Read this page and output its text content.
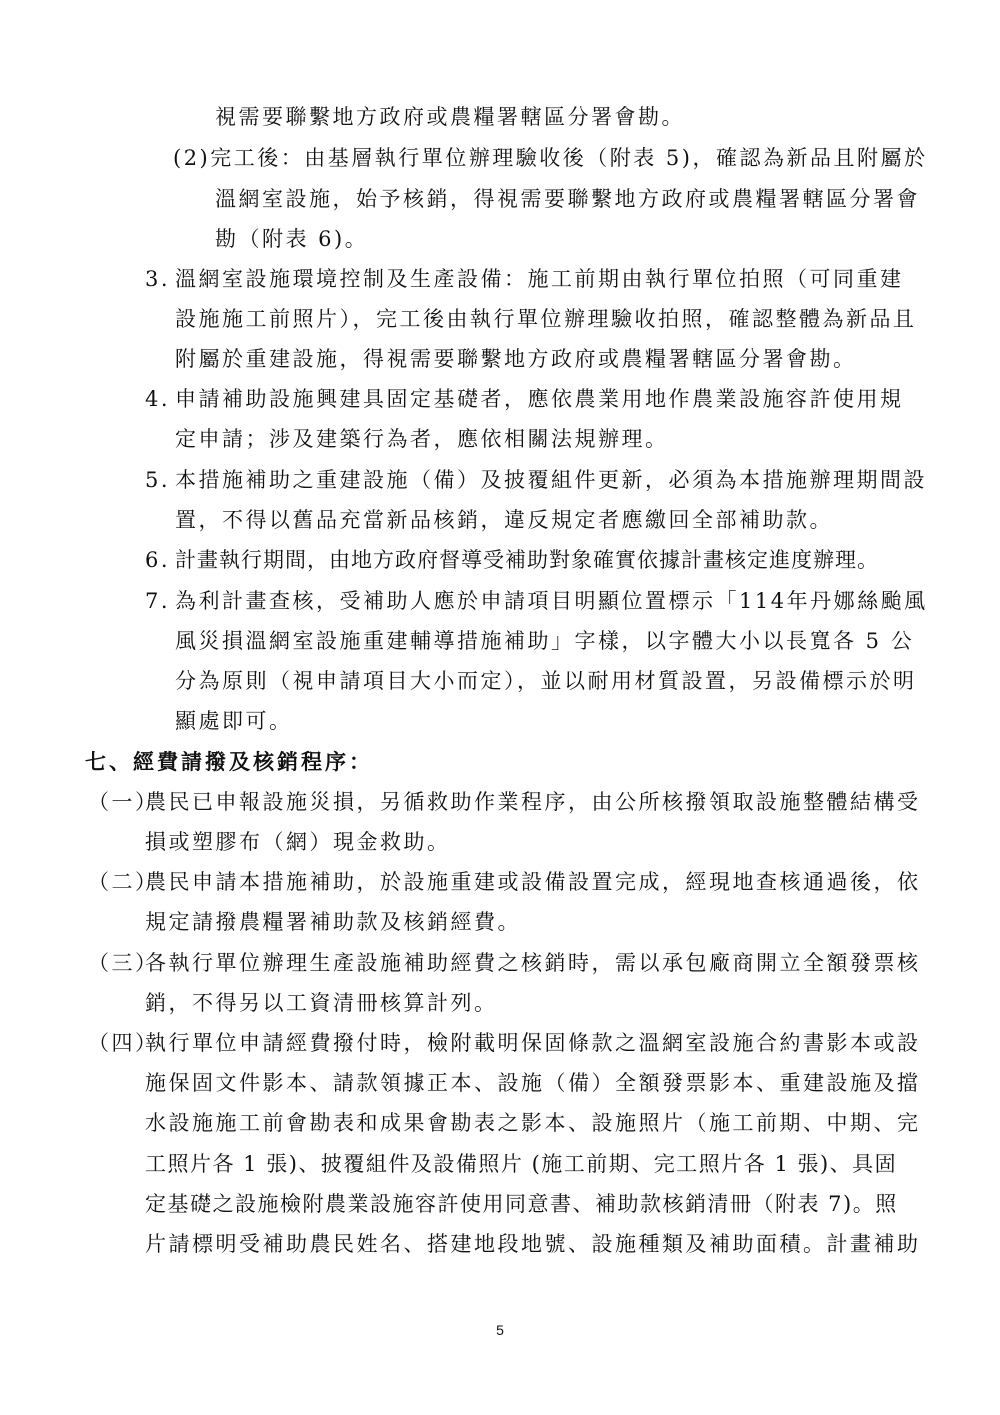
視需要聯繫地方政府或農糧署轄區分署會勘。
(2)完工後：由基層執行單位辦理驗收後（附表 5)，確認為新品且附屬於
溫網室設施，始予核銷，得視需要聯繫地方政府或農糧署轄區分署會
勘（附表 6)。
3. 溫網室設施環境控制及生產設備：施工前期由執行單位拍照（可同重建
設施施工前照片），完工後由執行單位辦理驗收拍照，確認整體為新品且
附屬於重建設施，得視需要聯繫地方政府或農糧署轄區分署會勘。
4. 申請補助設施興建具固定基礎者，應依農業用地作農業設施容許使用規
定申請；涉及建築行為者，應依相關法規辦理。
5. 本措施補助之重建設施（備）及披覆組件更新，必須為本措施辦理期間設
置，不得以舊品充當新品核銷，違反規定者應繳回全部補助款。
6. 計畫執行期間，由地方政府督導受補助對象確實依據計畫核定進度辦理。
7. 為利計畫查核，受補助人應於申請項目明顯位置標示「114年丹娜絲颱風
風災損溫網室設施重建輔導措施補助」字樣，以字體大小以長寬各 5 公
分為原則（視申請項目大小而定），並以耐用材質設置，另設備標示於明
顯處即可。
七、經費請撥及核銷程序：
（一）農民已申報設施災損，另循救助作業程序，由公所核撥領取設施整體結構受
損或塑膠布（網）現金救助。
（二）農民申請本措施補助，於設施重建或設備設置完成，經現地查核通過後，依
規定請撥農糧署補助款及核銷經費。
（三）各執行單位辦理生產設施補助經費之核銷時，需以承包廠商開立全額發票核
銷，不得另以工資清冊核算計列。
（四）執行單位申請經費撥付時，檢附載明保固條款之溫網室設施合約書影本或設
施保固文件影本、請款領據正本、設施（備）全額發票影本、重建設施及擋
水設施施工前會勘表和成果會勘表之影本、設施照片（施工前期、中期、完
工照片各 1 張)、披覆組件及設備照片 (施工前期、完工照片各 1 張)、具固
定基礎之設施檢附農業設施容許使用同意書、補助款核銷清冊（附表 7)。照
片請標明受補助農民姓名、搭建地段地號、設施種類及補助面積。計畫補助
5
